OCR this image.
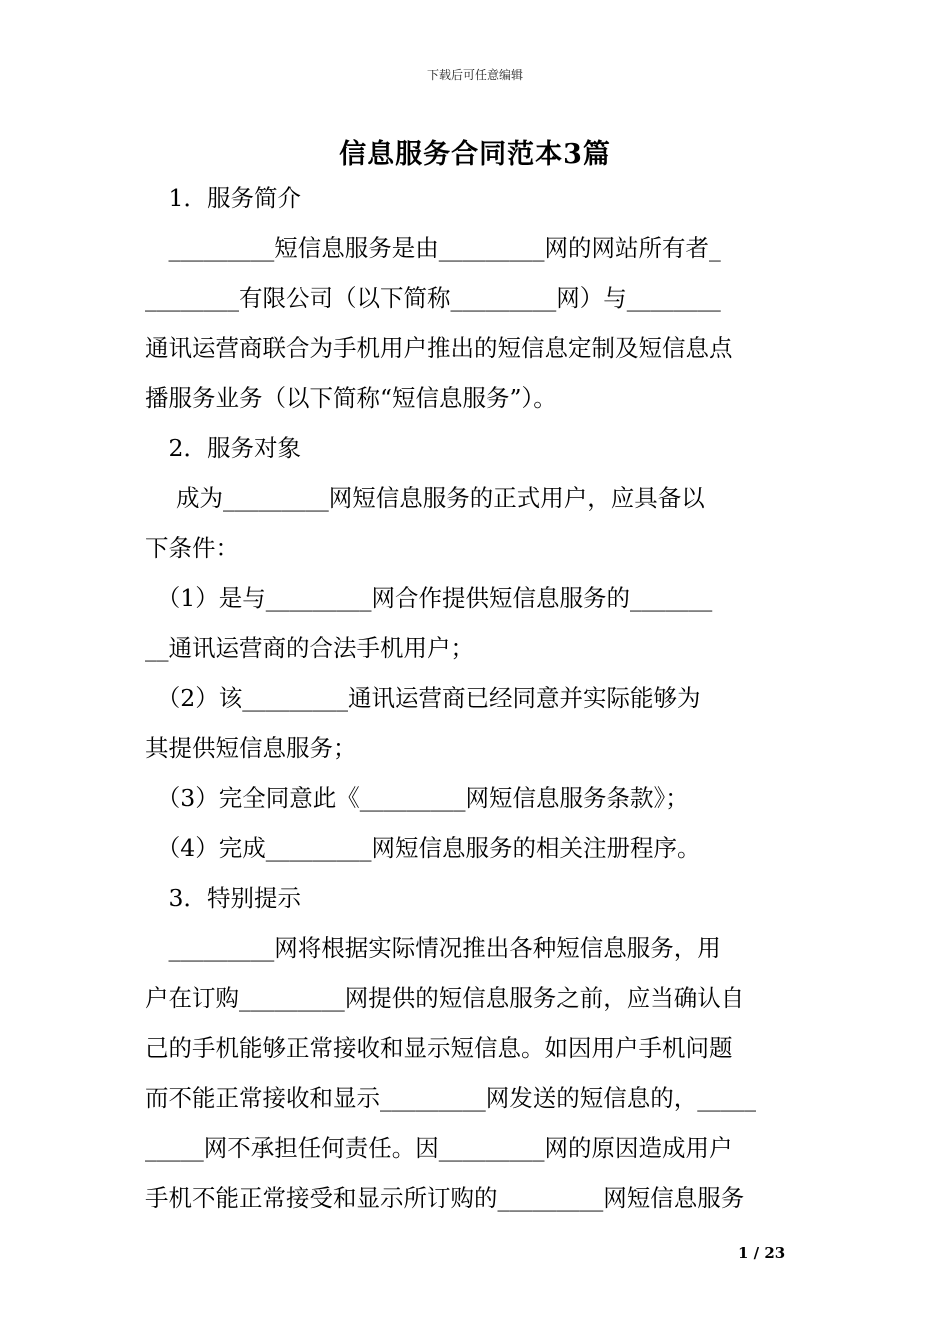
下载后可任意编辑
信息服务合同范本3篇
　1．服务简介
　_________短信息服务是由_________网的网站所有者_
________有限公司（以下简称_________网）与________
通讯运营商联合为手机用户推出的短信息定制及短信息点
播服务业务（以下简称“短信息服务”）。
　2．服务对象
　 成为_________网短信息服务的正式用户，应具备以
下条件：
　（1）是与_________网合作提供短信息服务的_______
__通讯运营商的合法手机用户；
　（2）该_________通讯运营商已经同意并实际能够为
其提供短信息服务；
　（3）完全同意此《_________网短信息服务条款》；
　（4）完成_________网短信息服务的相关注册程序。
　3．特别提示
　_________网将根据实际情况推出各种短信息服务，用
户在订购_________网提供的短信息服务之前，应当确认自
己的手机能够正常接收和显示短信息。如因用户手机问题
而不能正常接收和显示_________网发送的短信息的，_____
_____网不承担任何责任。因_________网的原因造成用户
手机不能正常接受和显示所订购的_________网短信息服务
1 / 23
